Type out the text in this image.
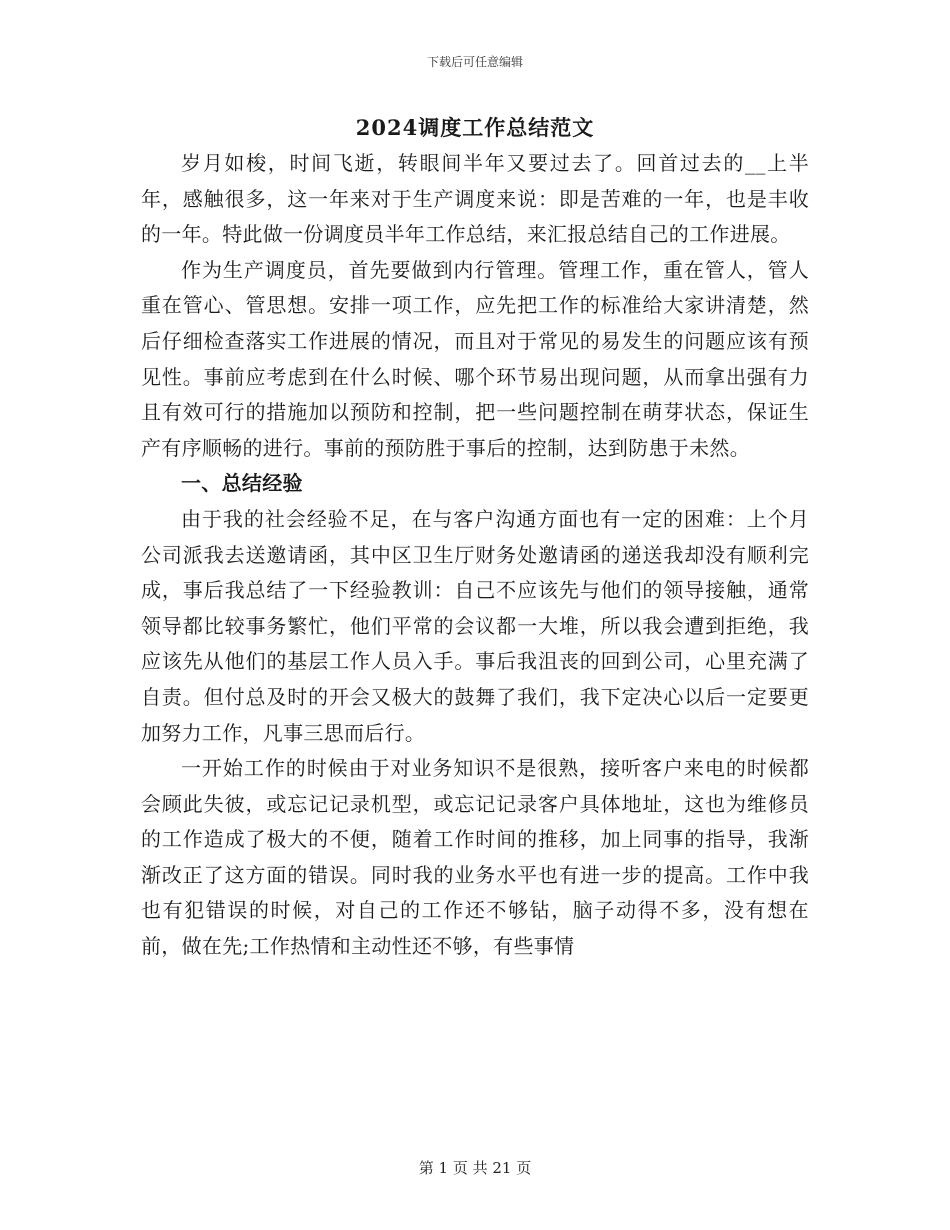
下载后可任意编辑
2024调度工作总结范文

岁月如梭，时间飞逝，转眼间半年又要过去了。回首过去的__上半年，感触很多，这一年来对于生产调度来说：即是苦难的一年，也是丰收的一年。特此做一份调度员半年工作总结，来汇报总结自己的工作进展。

作为生产调度员，首先要做到内行管理。管理工作，重在管人，管人重在管心、管思想。安排一项工作，应先把工作的标准给大家讲清楚，然后仔细检查落实工作进展的情况，而且对于常见的易发生的问题应该有预见性。事前应考虑到在什么时候、哪个环节易出现问题，从而拿出强有力且有效可行的措施加以预防和控制，把一些问题控制在萌芽状态，保证生产有序顺畅的进行。事前的预防胜于事后的控制，达到防患于未然。

一、总结经验

由于我的社会经验不足，在与客户沟通方面也有一定的困难：上个月公司派我去送邀请函，其中区卫生厅财务处邀请函的递送我却没有顺利完成，事后我总结了一下经验教训：自己不应该先与他们的领导接触，通常领导都比较事务繁忙，他们平常的会议都一大堆，所以我会遭到拒绝，我应该先从他们的基层工作人员入手。事后我沮丧的回到公司，心里充满了自责。但付总及时的开会又极大的鼓舞了我们，我下定决心以后一定要更加努力工作，凡事三思而后行。

一开始工作的时候由于对业务知识不是很熟，接听客户来电的时候都会顾此失彼，或忘记记录机型，或忘记记录客户具体地址，这也为维修员的工作造成了极大的不便，随着工作时间的推移，加上同事的指导，我渐渐改正了这方面的错误。同时我的业务水平也有进一步的提高。工作中我也有犯错误的时候，对自己的工作还不够钻，脑子动得不多，没有想在前，做在先;工作热情和主动性还不够，有些事情

第 1 页 共 21 页
